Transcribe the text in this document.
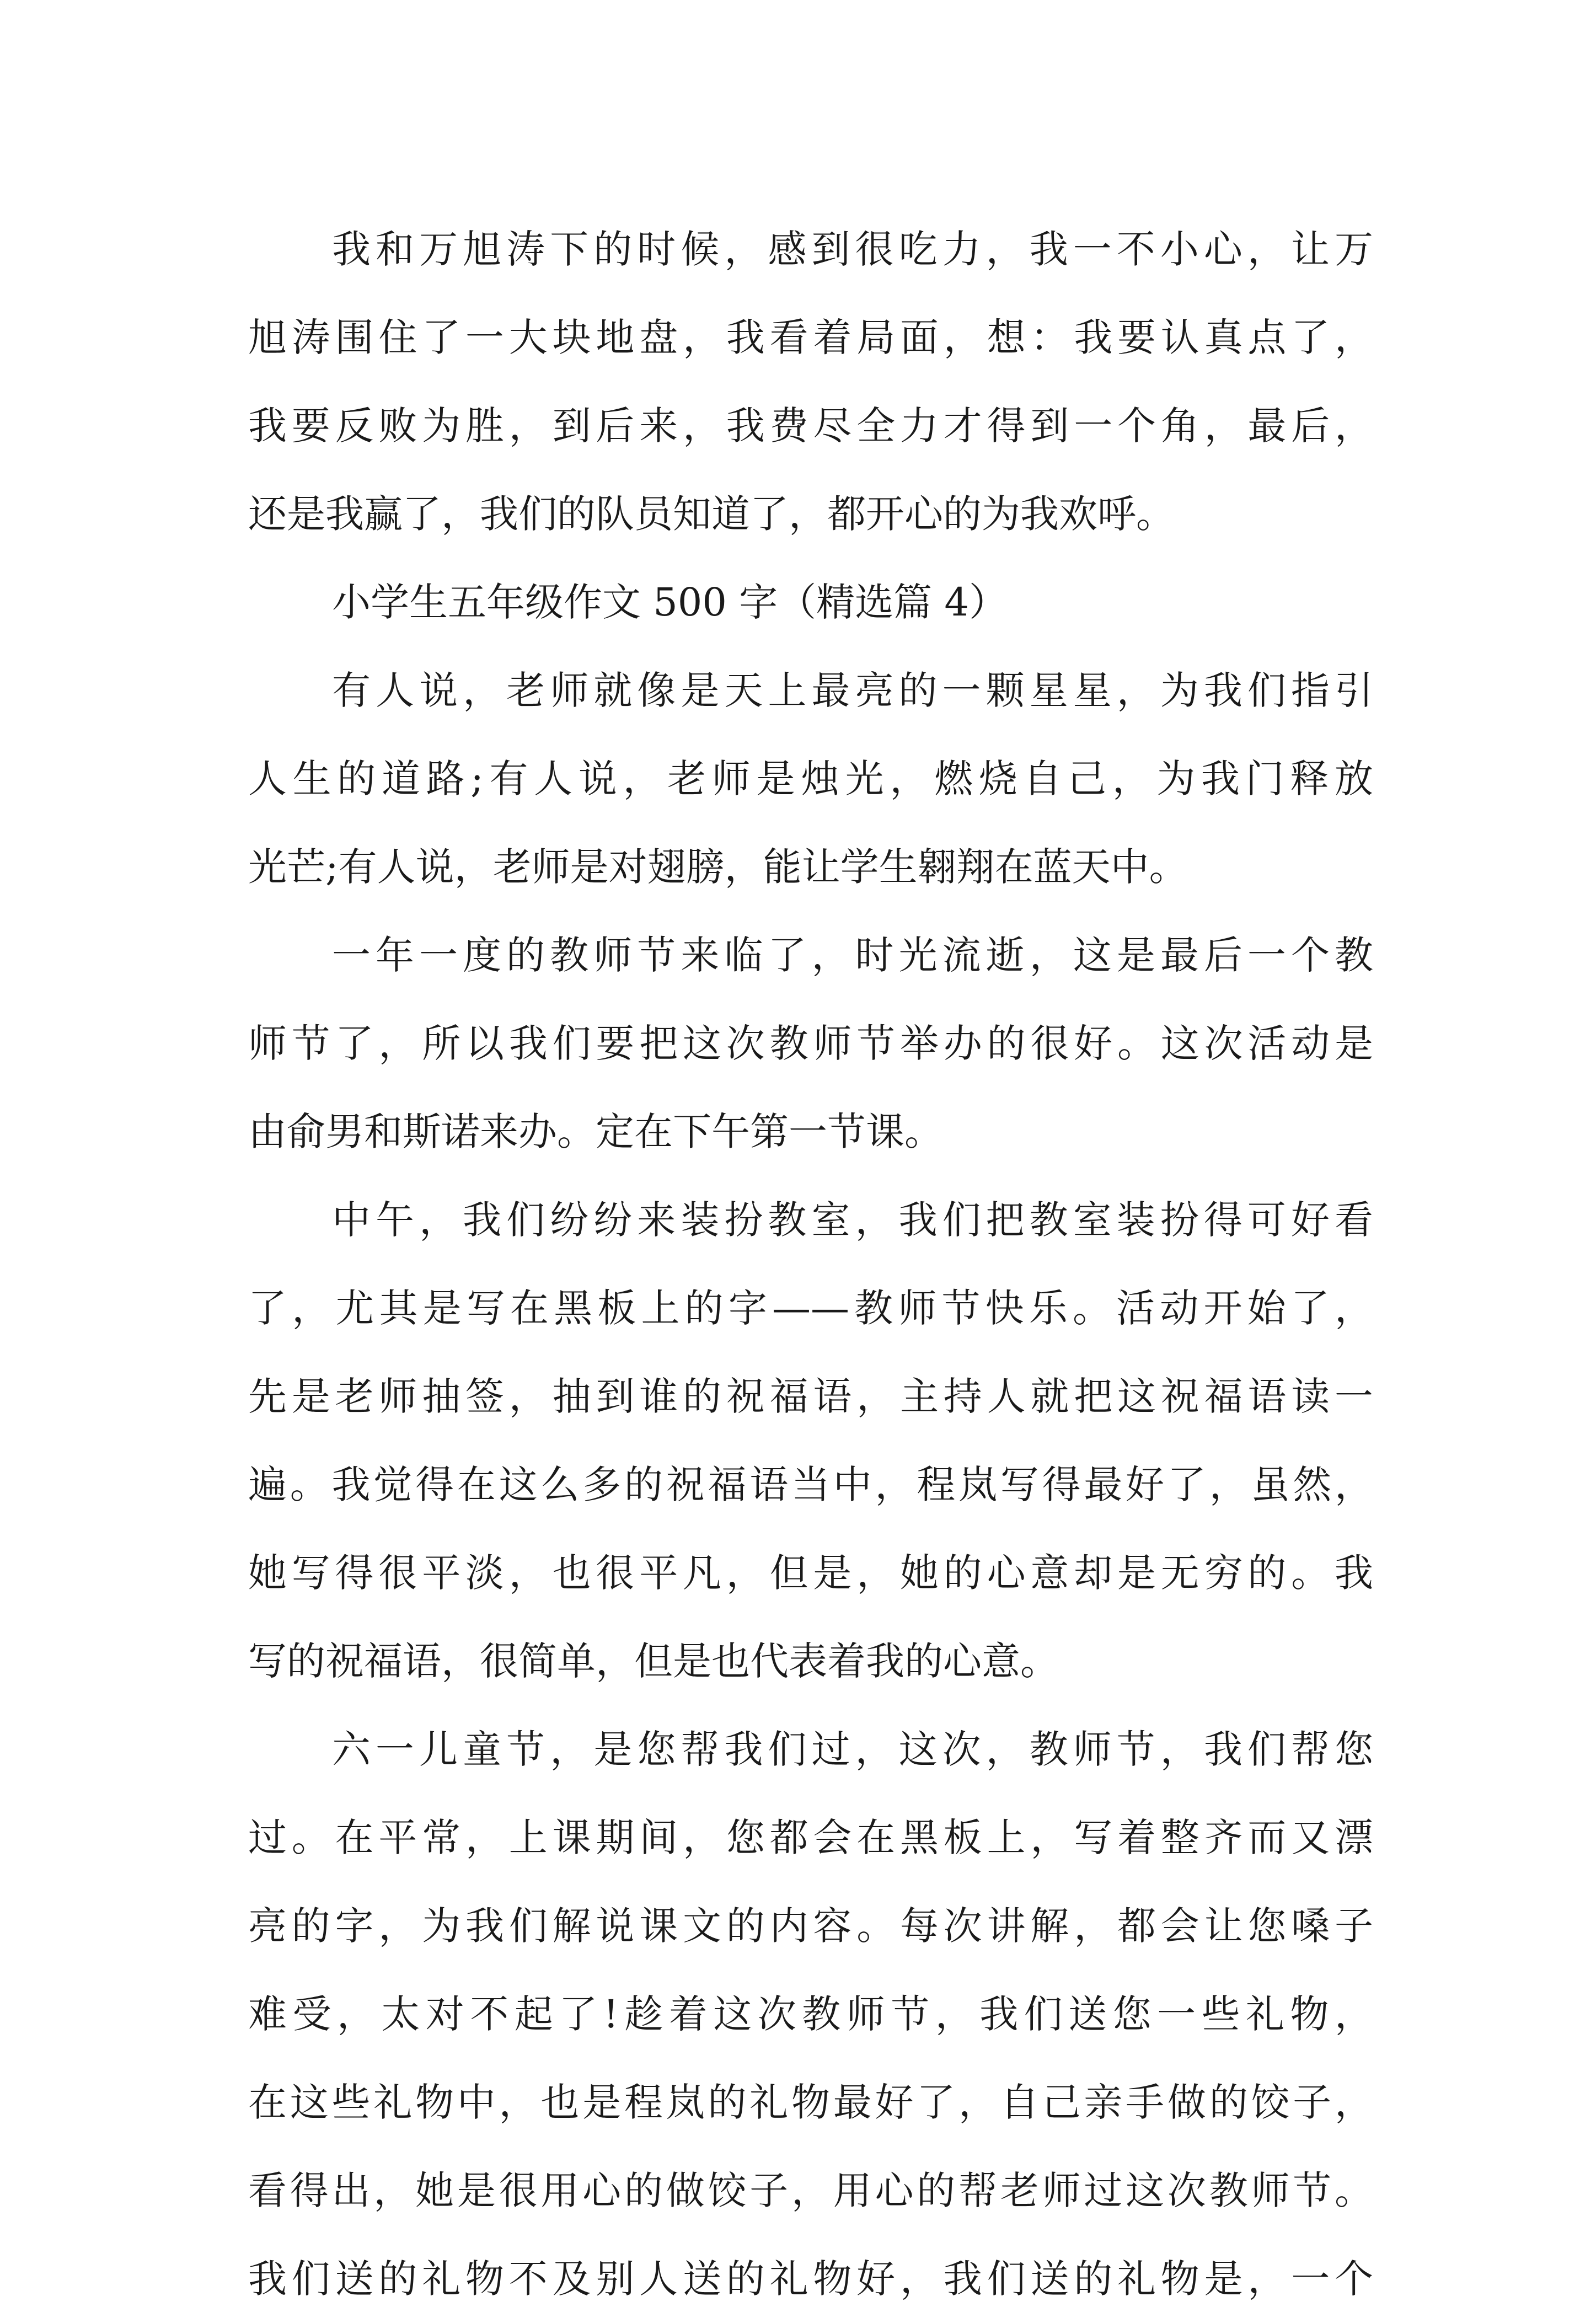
我和万旭涛下的时候，感到很吃力，我一不小心，让万
旭涛围住了一大块地盘，我看着局面，想：我要认真点了，
我要反败为胜，到后来，我费尽全力才得到一个角，最后，
还是我赢了，我们的队员知道了，都开心的为我欢呼。
小学生五年级作文 500 字（精选篇 4）
有人说，老师就像是天上最亮的一颗星星，为我们指引
人生的道路;有人说，老师是烛光，燃烧自己，为我门释放
光芒;有人说，老师是对翅膀，能让学生翱翔在蓝天中。
一年一度的教师节来临了，时光流逝，这是最后一个教
师节了，所以我们要把这次教师节举办的很好。这次活动是
由俞男和斯诺来办。定在下午第一节课。
中午，我们纷纷来装扮教室，我们把教室装扮得可好看
了，尤其是写在黑板上的字——教师节快乐。活动开始了，
先是老师抽签，抽到谁的祝福语，主持人就把这祝福语读一
遍。我觉得在这么多的祝福语当中，程岚写得最好了，虽然，
她写得很平淡，也很平凡，但是，她的心意却是无穷的。我
写的祝福语，很简单，但是也代表着我的心意。
六一儿童节，是您帮我们过，这次，教师节，我们帮您
过。在平常，上课期间，您都会在黑板上，写着整齐而又漂
亮的字，为我们解说课文的内容。每次讲解，都会让您嗓子
难受，太对不起了!趁着这次教师节，我们送您一些礼物，
在这些礼物中，也是程岚的礼物最好了，自己亲手做的饺子，
看得出，她是很用心的做饺子，用心的帮老师过这次教师节。
我们送的礼物不及别人送的礼物好，我们送的礼物是，一个
